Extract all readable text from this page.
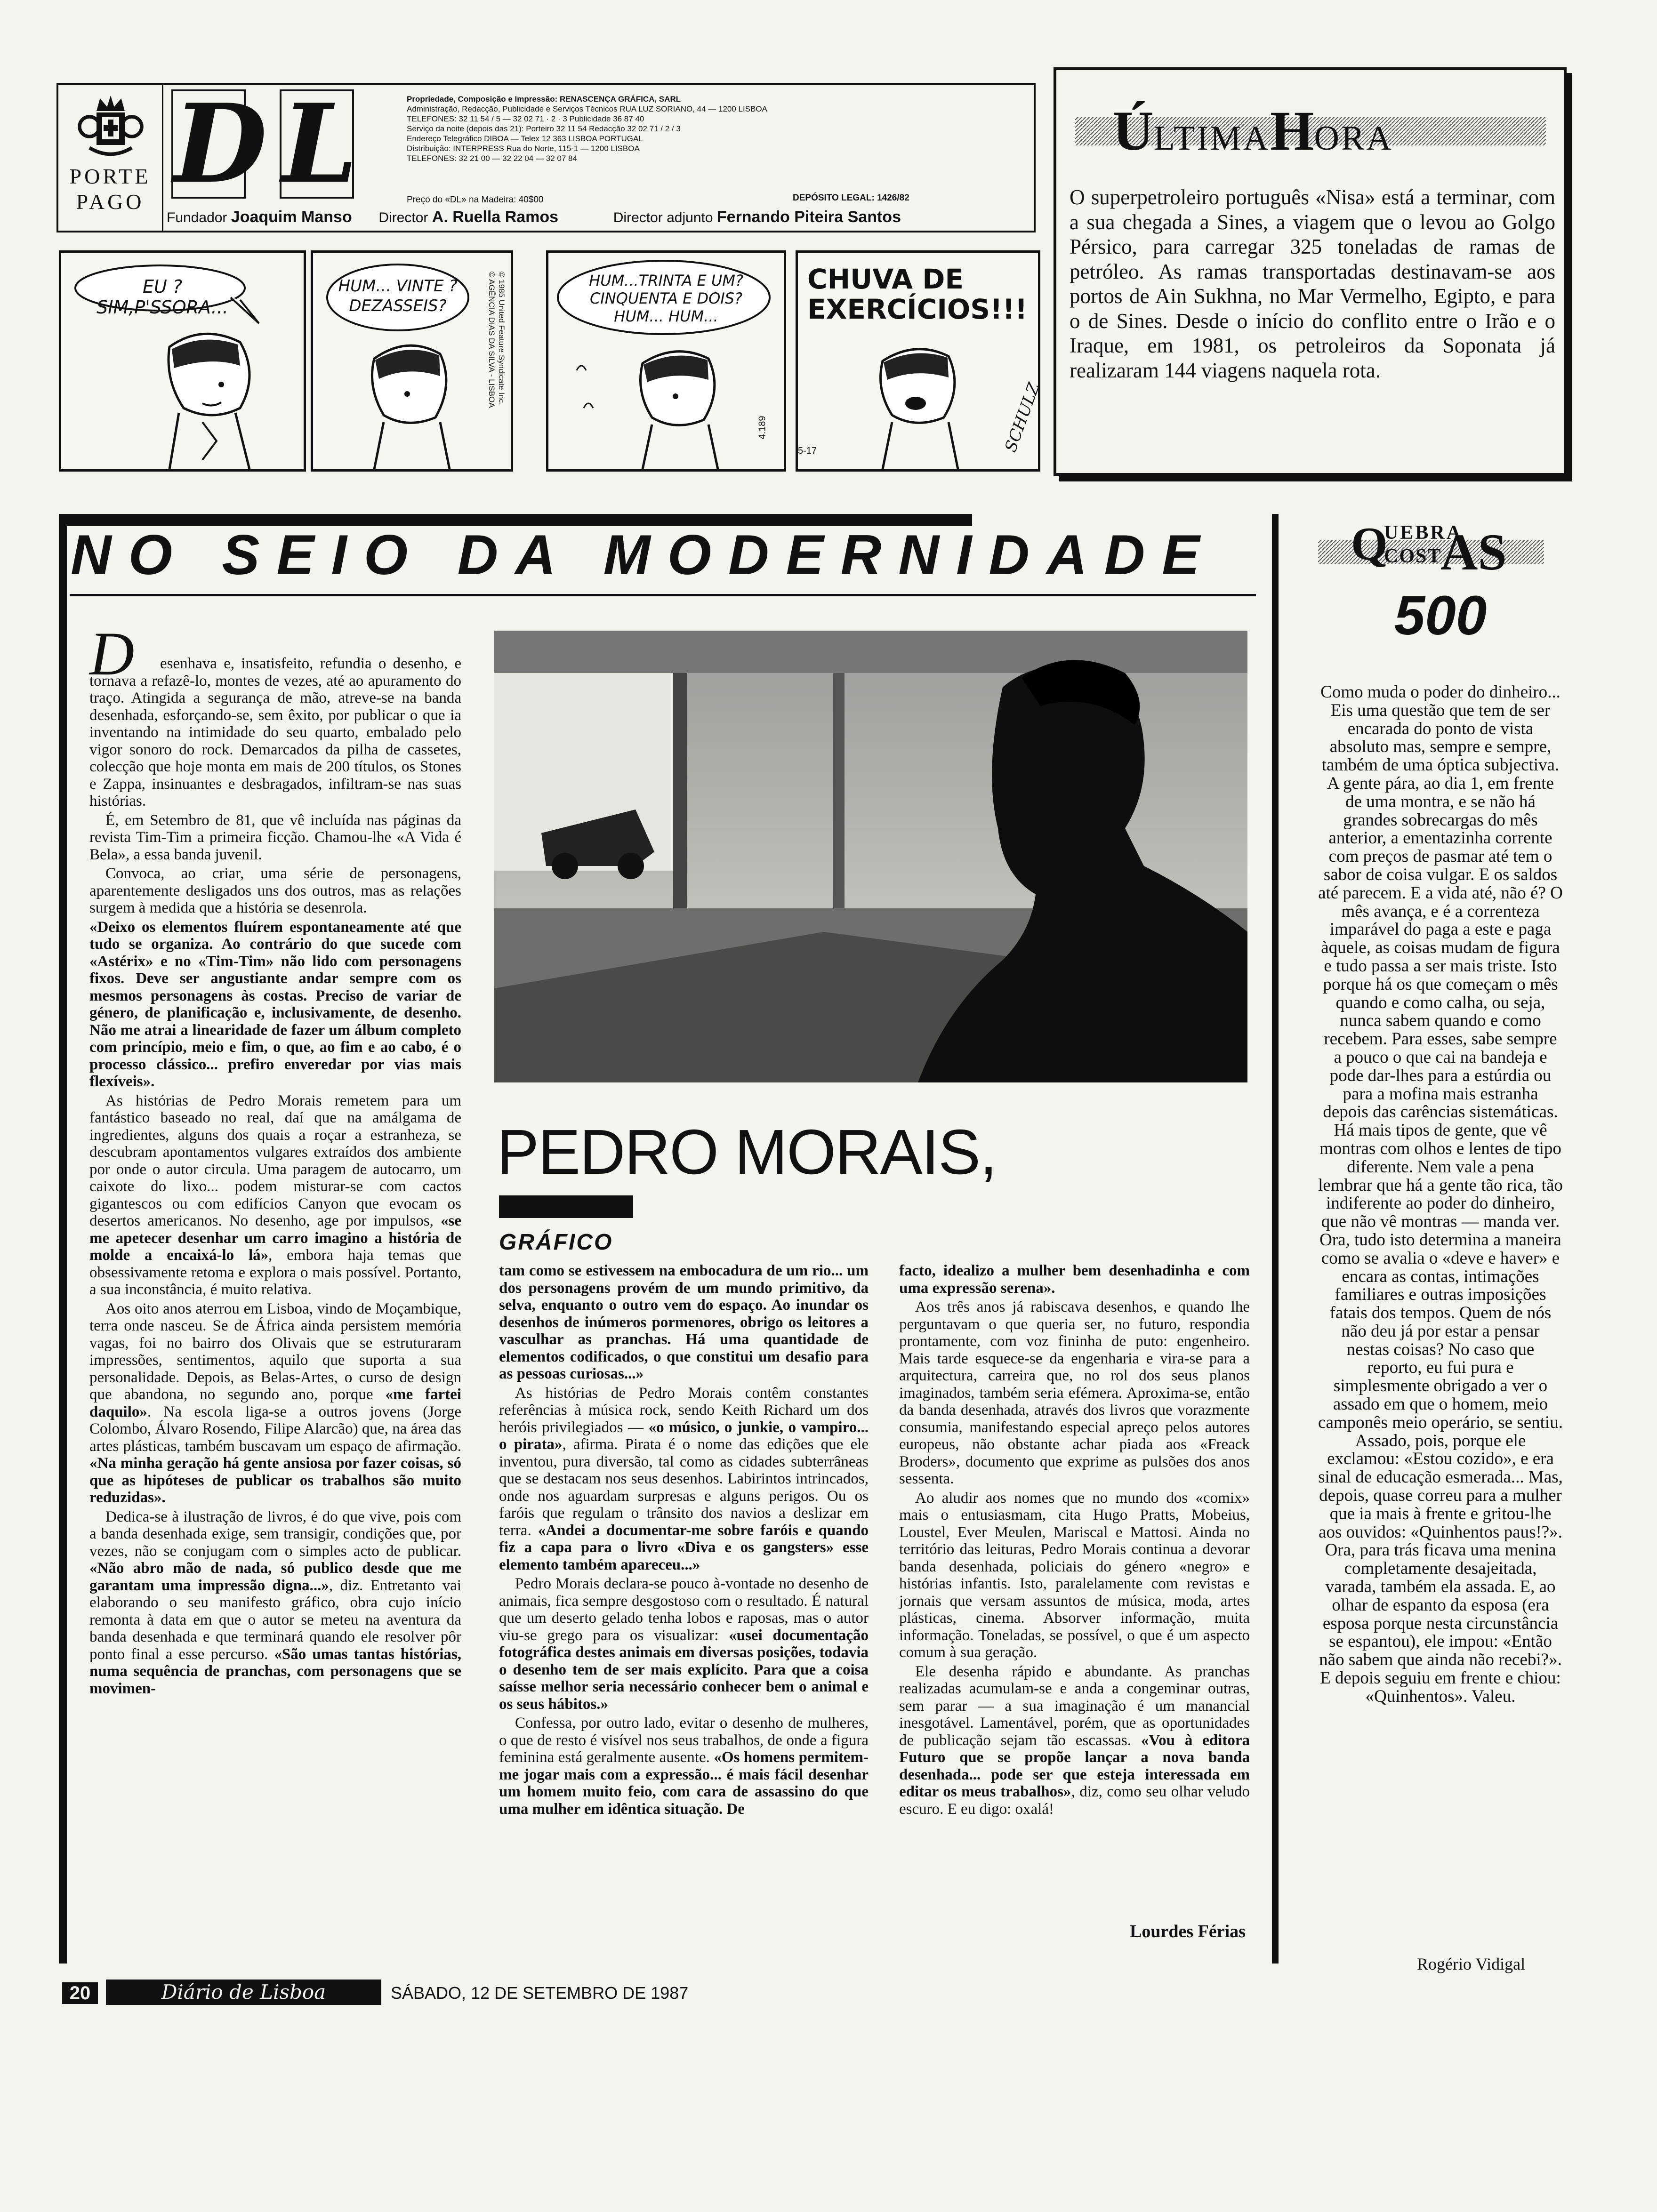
PORTE
PAGO D L	Propriedade, Composição e Impressão: RENASCENÇA GRÁFICA, SARL
Administração, Redacção, Publicidade e Serviços Técnicos RUA LUZ SORIANO, 44 — 1200 LISBOA
TELEFONES: 32 11 54 / 5 — 32 02 71 · 2 · 3 Publicidade 36 87 40
Serviço da noite (depois das 21): Porteiro 32 11 54 Redacção 32 02 71 / 2 / 3
Endereço Telegráfico DIBOA — Telex 12 363 LISBOA PORTUGAL
Distribuição: INTERPRESS Rua do Norte, 115-1 — 1200 LISBOA
TELEFONES: 32 21 00 — 32 22 04 — 32 07 84
Preço do «DL» na Madeira: 40$00	DEPÓSITO LEGAL: 1426/82
Fundador Joaquim Manso Director A. Ruella Ramos	Director adjunto Fernando Piteira Santos
EU ?SIM,P'SSORA...
HUM... VINTE ?
DEZASSEIS?	© 1985 United Feature Syndicate Inc.
© AGÊNCIA DIAS DA SILVA - LISBOA	HUM...TRINTA E UM?
CINQUENTA E DOIS?
HUM... HUM...
4.189
CHUVA DE
EXERCÍCIOS!!!
5-17	SCHULZ
ÚLTIMAHORA
O superpetroleiro português «Nisa» está a terminar, com a sua chegada a Sines, a viagem que o levou ao Golgo Pérsico, para carregar 325 toneladas de ramas de petróleo. As ramas transportadas destinavam-se aos portos de Ain Sukhna, no Mar Vermelho, Egipto, e para o de Sines. Desde o início do conflito entre o Irão e o Iraque, em 1981, os petroleiros da Soponata já realizaram 144 viagens naquela rota.
NO SEIO DA MODERNIDADE
PEDRO MORAIS,
GRÁFICO
D	esenhava e, insatisfeito, refundia o desenho, e tornava a refazê-lo, montes de vezes, até ao apuramento do traço. Atingida a segurança de mão, atreve-se na banda desenhada, esforçando-se, sem êxito, por publicar o que ia inventando na intimidade do seu quarto, embalado pelo vigor sonoro do rock. Demarcados da pilha de cassetes, colecção que hoje monta em mais de 200 títulos, os Stones e Zappa, insinuantes e desbragados, infiltram-se nas suas histórias.

É, em Setembro de 81, que vê incluída nas páginas da revista Tim-Tim a primeira ficção. Chamou-lhe «A Vida é Bela», a essa banda juvenil.

Convoca, ao criar, uma série de personagens, aparentemente desligados uns dos outros, mas as relações surgem à medida que a história se desenrola.

«Deixo os elementos fluírem espontaneamente até que tudo se organiza. Ao contrário do que sucede com «Astérix» e no «Tim-Tim» não lido com personagens fixos. Deve ser angustiante andar sempre com os mesmos personagens às costas. Preciso de variar de género, de planificação e, inclusivamente, de desenho. Não me atrai a linearidade de fazer um álbum completo com princípio, meio e fim, o que, ao fim e ao cabo, é o processo clássico... prefiro enveredar por vias mais flexíveis».

As histórias de Pedro Morais remetem para um fantástico baseado no real, daí que na amálgama de ingredientes, alguns dos quais a roçar a estranheza, se descubram apontamentos vulgares extraídos dos ambiente por onde o autor circula. Uma paragem de autocarro, um caixote do lixo... podem misturar-se com cactos gigantescos ou com edifícios Canyon que evocam os desertos americanos. No desenho, age por impulsos, «se me apetecer desenhar um carro imagino a história de molde a encaixá-lo lá», embora haja temas que obsessivamente retoma e explora o mais possível. Portanto, a sua inconstância, é muito relativa.

Aos oito anos aterrou em Lisboa, vindo de Moçambique, terra onde nasceu. Se de África ainda persistem memória vagas, foi no bairro dos Olivais que se estruturaram impressões, sentimentos, aquilo que suporta a sua personalidade. Depois, as Belas-Artes, o curso de design que abandona, no segundo ano, porque «me fartei daquilo». Na escola liga-se a outros jovens (Jorge Colombo, Álvaro Rosendo, Filipe Alarcão) que, na área das artes plásticas, também buscavam um espaço de afirmação. «Na minha geração há gente ansiosa por fazer coisas, só que as hipóteses de publicar os trabalhos são muito reduzidas».

Dedica-se à ilustração de livros, é do que vive, pois com a banda desenhada exige, sem transigir, condições que, por vezes, não se conjugam com o simples acto de publicar. «Não abro mão de nada, só publico desde que me garantam uma impressão digna...», diz. Entretanto vai elaborando o seu manifesto gráfico, obra cujo início remonta à data em que o autor se meteu na aventura da banda desenhada e que terminará quando ele resolver pôr ponto final a esse percurso. «São umas tantas histórias, numa sequência de pranchas, com personagens que se movimen-

tam como se estivessem na embocadura de um rio... um dos personagens provém de um mundo primitivo, da selva, enquanto o outro vem do espaço. Ao inundar os desenhos de inúmeros pormenores, obrigo os leitores a vasculhar as pranchas. Há uma quantidade de elementos codificados, o que constitui um desafio para as pessoas curiosas...»

As histórias de Pedro Morais contêm constantes referências à música rock, sendo Keith Richard um dos heróis privilegiados — «o músico, o junkie, o vampiro... o pirata», afirma. Pirata é o nome das edições que ele inventou, pura diversão, tal como as cidades subterrâneas que se destacam nos seus desenhos. Labirintos intrincados, onde nos aguardam surpresas e alguns perigos. Ou os faróis que regulam o trânsito dos navios a deslizar em terra. «Andei a documentar-me sobre faróis e quando fiz a capa para o livro «Diva e os gangsters» esse elemento também apareceu...»

Pedro Morais declara-se pouco à-vontade no desenho de animais, fica sempre desgostoso com o resultado. É natural que um deserto gelado tenha lobos e raposas, mas o autor viu-se grego para os visualizar: «usei documentação fotográfica destes animais em diversas posições, todavia o desenho tem de ser mais explícito. Para que a coisa saísse melhor seria necessário conhecer bem o animal e os seus hábitos.»

Confessa, por outro lado, evitar o desenho de mulheres, o que de resto é visível nos seus trabalhos, de onde a figura feminina está geralmente ausente. «Os homens permitem-me jogar mais com a expressão... é mais fácil desenhar um homem muito feio, com cara de assassino do que uma mulher em idêntica situação. De

facto, idealizo a mulher bem desenhadinha e com uma expressão serena».

Aos três anos já rabiscava desenhos, e quando lhe perguntavam o que queria ser, no futuro, respondia prontamente, com voz fininha de puto: engenheiro. Mais tarde esquece-se da engenharia e vira-se para a arquitectura, carreira que, no rol dos seus planos imaginados, também seria efémera. Aproxima-se, então da banda desenhada, através dos livros que vorazmente consumia, manifestando especial apreço pelos autores europeus, não obstante achar piada aos «Freack Broders», documento que exprime as pulsões dos anos sessenta.

Ao aludir aos nomes que no mundo dos «comix» mais o entusiasmam, cita Hugo Pratts, Mobeius, Loustel, Ever Meulen, Mariscal e Mattosi. Ainda no território das leituras, Pedro Morais continua a devorar banda desenhada, policiais do género «negro» e histórias infantis. Isto, paralelamente com revistas e jornais que versam assuntos de música, moda, artes plásticas, cinema. Absorver informação, muita informação. Toneladas, se possível, o que é um aspecto comum à sua geração.

Ele desenha rápido e abundante. As pranchas realizadas acumulam-se e anda a congeminar outras, sem parar — a sua imaginação é um manancial inesgotável. Lamentável, porém, que as oportunidades de publicação sejam tão escassas. «Vou à editora Futuro que se propõe lançar a nova banda desenhada... pode ser que esteja interessada em editar os meus trabalhos», diz, como seu olhar veludo escuro. E eu digo: oxalá!

Lourdes Férias
Q
UEBRA
COST
AS
500
Como muda o poder do dinheiro... Eis uma questão que tem de ser encarada do ponto de vista absoluto mas, sempre e sempre, também de uma óptica subjectiva. A gente pára, ao dia 1, em frente de uma montra, e se não há grandes sobrecargas do mês anterior, a ementazinha corrente com preços de pasmar até tem o sabor de coisa vulgar. E os saldos até parecem. E a vida até, não é? O mês avança, e é a correnteza imparável do paga a este e paga àquele, as coisas mudam de figura e tudo passa a ser mais triste. Isto porque há os que começam o mês quando e como calha, ou seja, nunca sabem quando e como recebem. Para esses, sabe sempre a pouco o que cai na bandeja e pode dar-lhes para a estúrdia ou para a mofina mais estranha depois das carências sistemáticas. Há mais tipos de gente, que vê montras com olhos e lentes de tipo diferente. Nem vale a pena lembrar que há a gente tão rica, tão indiferente ao poder do dinheiro, que não vê montras — manda ver. Ora, tudo isto determina a maneira como se avalia o «deve e haver» e encara as contas, intimações familiares e outras imposições fatais dos tempos. Quem de nós não deu já por estar a pensar nestas coisas? No caso que reporto, eu fui pura e simplesmente obrigado a ver o assado em que o homem, meio camponês meio operário, se sentiu. Assado, pois, porque ele exclamou: «Estou cozido», e era sinal de educação esmerada... Mas, depois, quase correu para a mulher que ia mais à frente e gritou-lhe aos ouvidos: «Quinhentos paus!?». Ora, para trás ficava uma menina completamente desajeitada, varada, também ela assada. E, ao olhar de espanto da esposa (era esposa porque nesta circunstância se espantou), ele impou: «Então não sabem que ainda não recebi?». E depois seguiu em frente e chiou: «Quinhentos». Valeu.
Rogério Vidigal
20	Diário de Lisboa	SÁBADO, 12 DE SETEMBRO DE 1987
